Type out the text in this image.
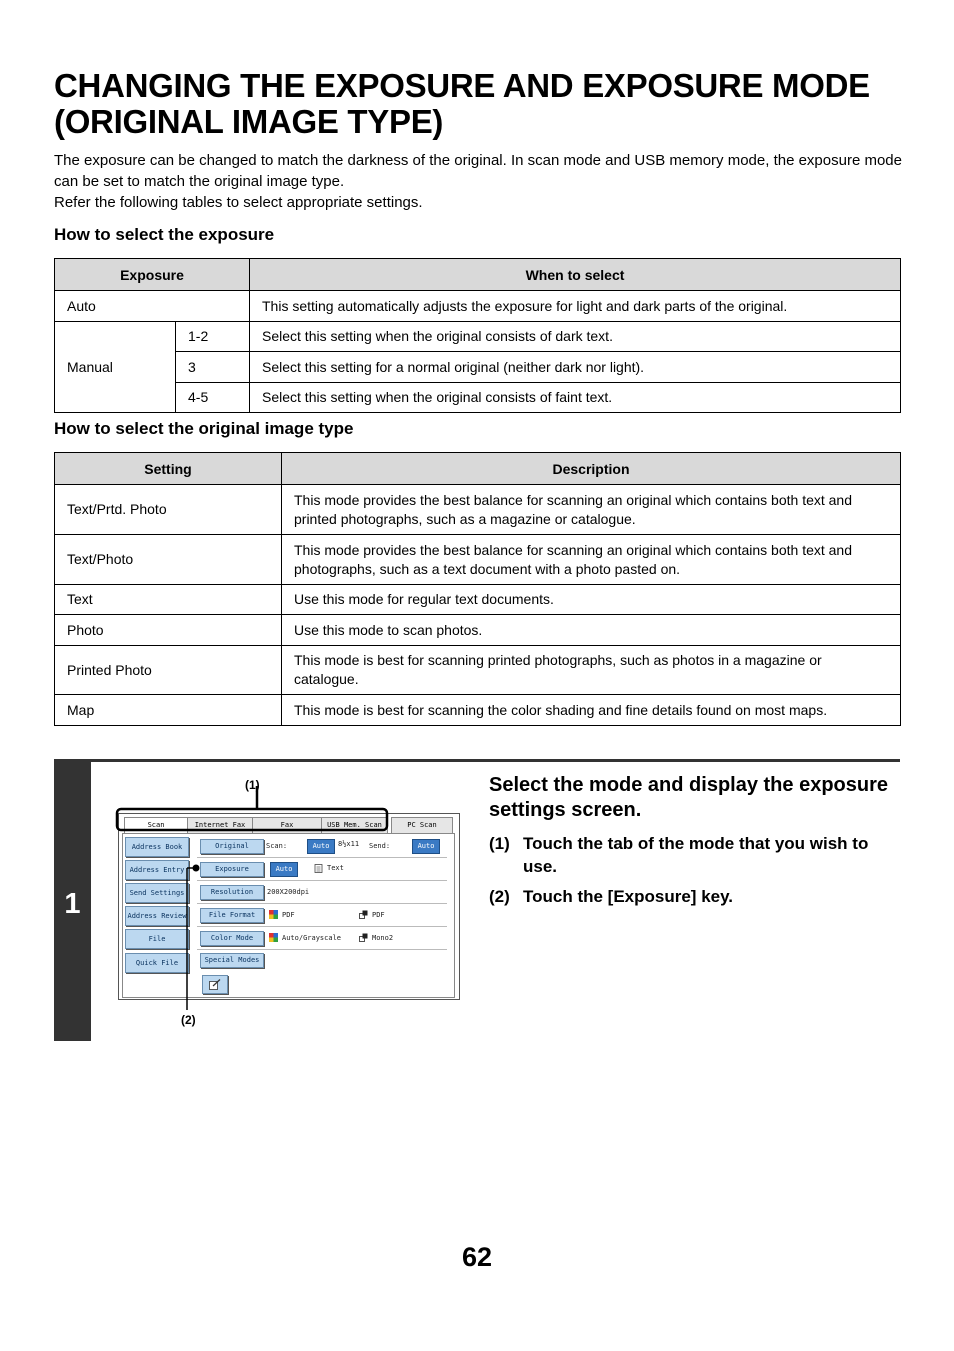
CHANGING THE EXPOSURE AND EXPOSURE MODE (ORIGINAL IMAGE TYPE)

The exposure can be changed to match the darkness of the original. In scan mode and USB memory mode, the exposure mode can be set to match the original image type.

Refer the following tables to select appropriate settings.

How to select the exposure
Exposure		When to select
Auto		This setting automatically adjusts the exposure for light and dark parts of the original.
Manual	1-2	Select this setting when the original consists of dark text.
	3	Select this setting for a normal original (neither dark nor light).
	4-5	Select this setting when the original consists of faint text.
How to select the original image type
Setting	Description
Text/Prtd. Photo	This mode provides the best balance for scanning an original which contains both text and printed photographs, such as a magazine or catalogue.
Text/Photo	This mode provides the best balance for scanning an original which contains both text and photographs, such as a text document with a photo pasted on.
Text	Use this mode for regular text documents.
Photo	Use this mode to scan photos.
Printed Photo	This mode is best for scanning printed photographs, such as photos in a magazine or catalogue.
Map	This mode is best for scanning the color shading and fine details found on most maps.
1
(1)
(2)
Scan	Internet Fax	Fax	USB Mem. Scan	PC Scan
Address Book
Address Entry
Send Settings
Address Review
File
Quick File
Original	Scan:	Auto	8½x11 Send:	Auto
Exposure	Auto	Text
Resolution	200X200dpi
File Format	PDF	PDF
Color Mode	Auto/Grayscale	Mono2
Special Modes
Select the mode and display the exposure settings screen.
(1) Touch the tab of the mode that you wish to use.
(2) Touch the [Exposure] key.
62
